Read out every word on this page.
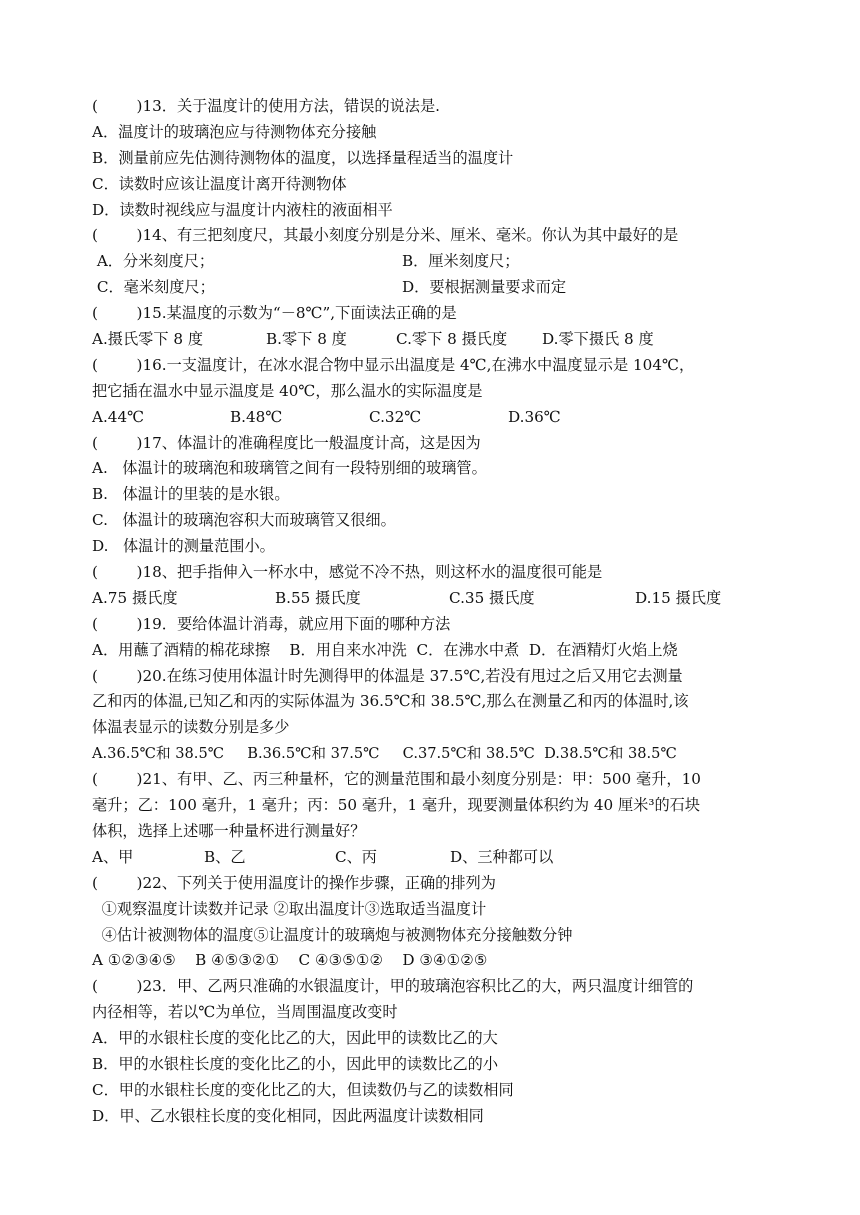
(        )13．关于温度计的使用方法，错误的说法是.
A．温度计的玻璃泡应与待测物体充分接触
B．测量前应先估测待测物体的温度，以选择量程适当的温度计
C．读数时应该让温度计离开待测物体
D．读数时视线应与温度计内液柱的液面相平
(        )14、有三把刻度尺，其最小刻度分别是分米、厘米、毫米。你认为其中最好的是
A．分米刻度尺；	B．厘米刻度尺；
C．毫米刻度尺；	D．要根据测量要求而定
(        )15.某温度的示数为“－8℃”,下面读法正确的是
A.摄氏零下 8 度	B.零下 8 度	C.零下 8 摄氏度	D.零下摄氏 8 度
(        )16.一支温度计，在冰水混合物中显示出温度是 4℃,在沸水中温度显示是 104℃，
把它插在温水中显示温度是 40℃，那么温水的实际温度是
A.44℃	B.48℃	C.32℃	D.36℃
(        )17、体温计的准确程度比一般温度计高，这是因为
A.   体温计的玻璃泡和玻璃管之间有一段特别细的玻璃管。
B.   体温计的里装的是水银。
C.   体温计的玻璃泡容积大而玻璃管又很细。
D.   体温计的测量范围小。
(        )18、把手指伸入一杯水中，感觉不冷不热，则这杯水的温度很可能是
A.75 摄氏度	B.55 摄氏度	C.35 摄氏度	D.15 摄氏度
(        )19．要给体温计消毒，就应用下面的哪种方法
A．用蘸了酒精的棉花球擦    B．用自来水冲洗  C．在沸水中煮  D．在酒精灯火焰上烧
(        )20.在练习使用体温计时先测得甲的体温是 37.5℃,若没有甩过之后又用它去测量
乙和丙的体温,已知乙和丙的实际体温为 36.5℃和 38.5℃,那么在测量乙和丙的体温时,该
体温表显示的读数分别是多少
A.36.5℃和 38.5℃     B.36.5℃和 37.5℃     C.37.5℃和 38.5℃  D.38.5℃和 38.5℃
(        )21、有甲、乙、丙三种量杯，它的测量范围和最小刻度分别是：甲：500 毫升，10
毫升；乙：100 毫升，1 毫升；丙：50 毫升，1 毫升，现要测量体积约为 40 厘米³的石块
体积，选择上述哪一种量杯进行测量好？
A、甲	B、乙	C、丙	D、三种都可以
(        )22、下列关于使用温度计的操作步骤，正确的排列为
①观察温度计读数并记录 ②取出温度计③选取适当温度计
④估计被测物体的温度⑤让温度计的玻璃炮与被测物体充分接触数分钟
A ①②③④⑤    B ④⑤③②①    C ④③⑤①②    D ③④①②⑤
(        )23．甲、乙两只准确的水银温度计，甲的玻璃泡容积比乙的大，两只温度计细管的
内径相等，若以℃为单位，当周围温度改变时
A．甲的水银柱长度的变化比乙的大，因此甲的读数比乙的大
B．甲的水银柱长度的变化比乙的小，因此甲的读数比乙的小
C．甲的水银柱长度的变化比乙的大，但读数仍与乙的读数相同
D．甲、乙水银柱长度的变化相同，因此两温度计读数相同
